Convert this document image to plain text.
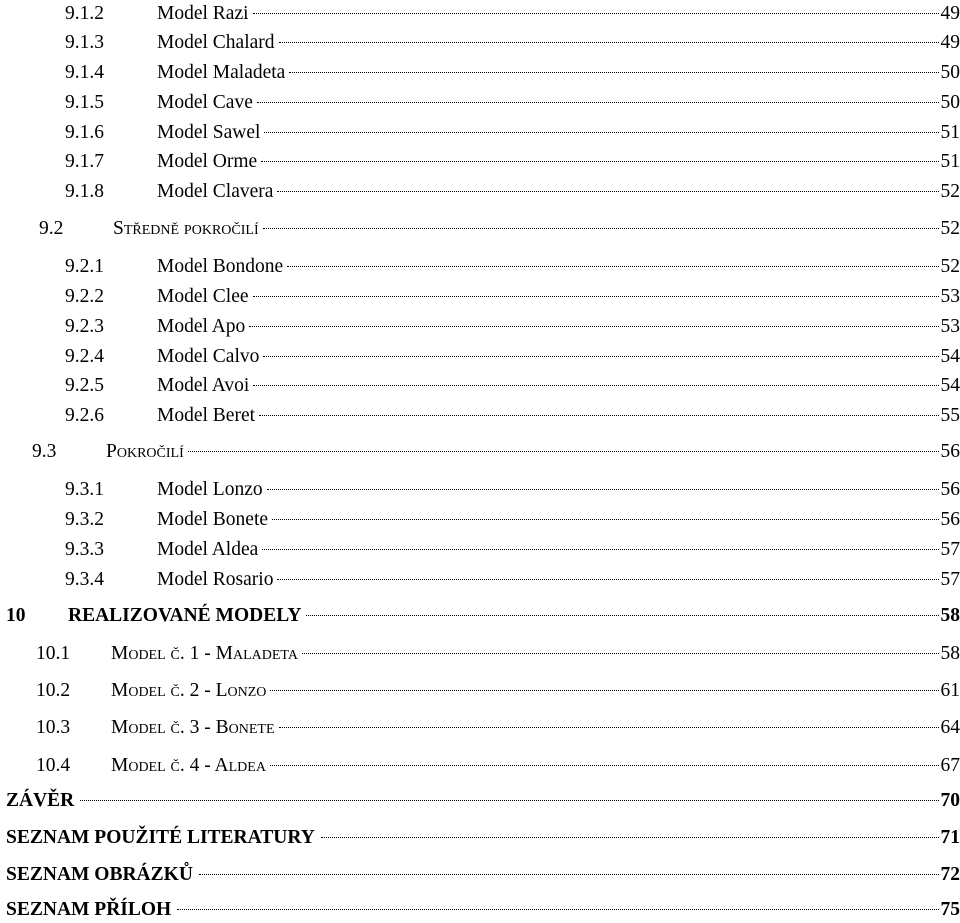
9.1.2	Model Razi	49
9.1.3	Model Chalard	49
9.1.4	Model Maladeta	50
9.1.5	Model Cave	50
9.1.6	Model Sawel	51
9.1.7	Model Orme	51
9.1.8	Model Clavera	52
9.2	Středně pokročilí	52
9.2.1	Model Bondone	52
9.2.2	Model Clee	53
9.2.3	Model Apo	53
9.2.4	Model Calvo	54
9.2.5	Model Avoi	54
9.2.6	Model Beret	55
9.3	Pokročilí	56
9.3.1	Model Lonzo	56
9.3.2	Model Bonete	56
9.3.3	Model Aldea	57
9.3.4	Model Rosario	57
10	REALIZOVANÉ MODELY	58
10.1	Model č. 1 - Maladeta	58
10.2	Model č. 2 - Lonzo	61
10.3	Model č. 3 - Bonete	64
10.4	Model č. 4 - Aldea	67
ZÁVĚR	70
SEZNAM POUŽITÉ LITERATURY	71
SEZNAM OBRÁZKŮ	72
SEZNAM PŘÍLOH	75
